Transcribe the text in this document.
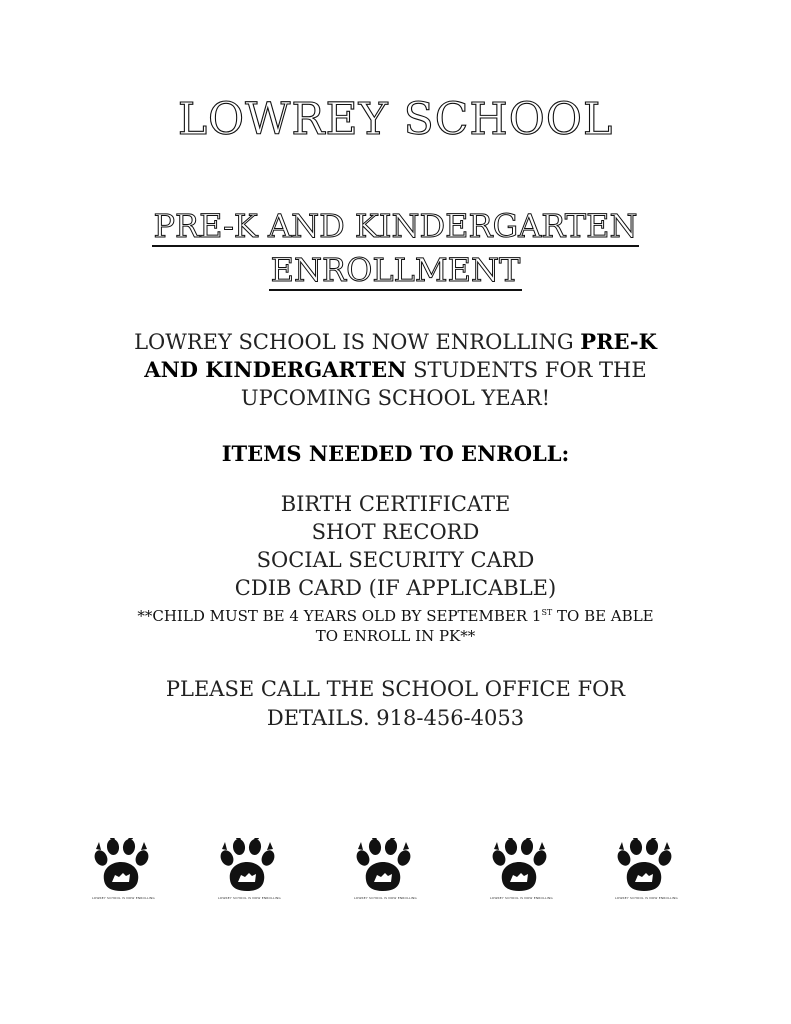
LOWREY SCHOOL
PRE-K AND KINDERGARTEN
ENROLLMENT
LOWREY SCHOOL IS NOW ENROLLING PRE-K
AND KINDERGARTEN STUDENTS FOR THE
UPCOMING SCHOOL YEAR!
ITEMS NEEDED TO ENROLL:
BIRTH CERTIFICATE
SHOT RECORD
SOCIAL SECURITY CARD
CDIB CARD (IF APPLICABLE)
**CHILD MUST BE 4 YEARS OLD BY SEPTEMBER 1ST TO BE ABLE
TO ENROLL IN PK**
PLEASE CALL THE SCHOOL OFFICE FOR
DETAILS. 918-456-4053
LOWREY SCHOOL IS NOW ENROLLING	LOWREY SCHOOL IS NOW ENROLLING	LOWREY SCHOOL IS NOW ENROLLING	LOWREY SCHOOL IS NOW ENROLLING	LOWREY SCHOOL IS NOW ENROLLING
